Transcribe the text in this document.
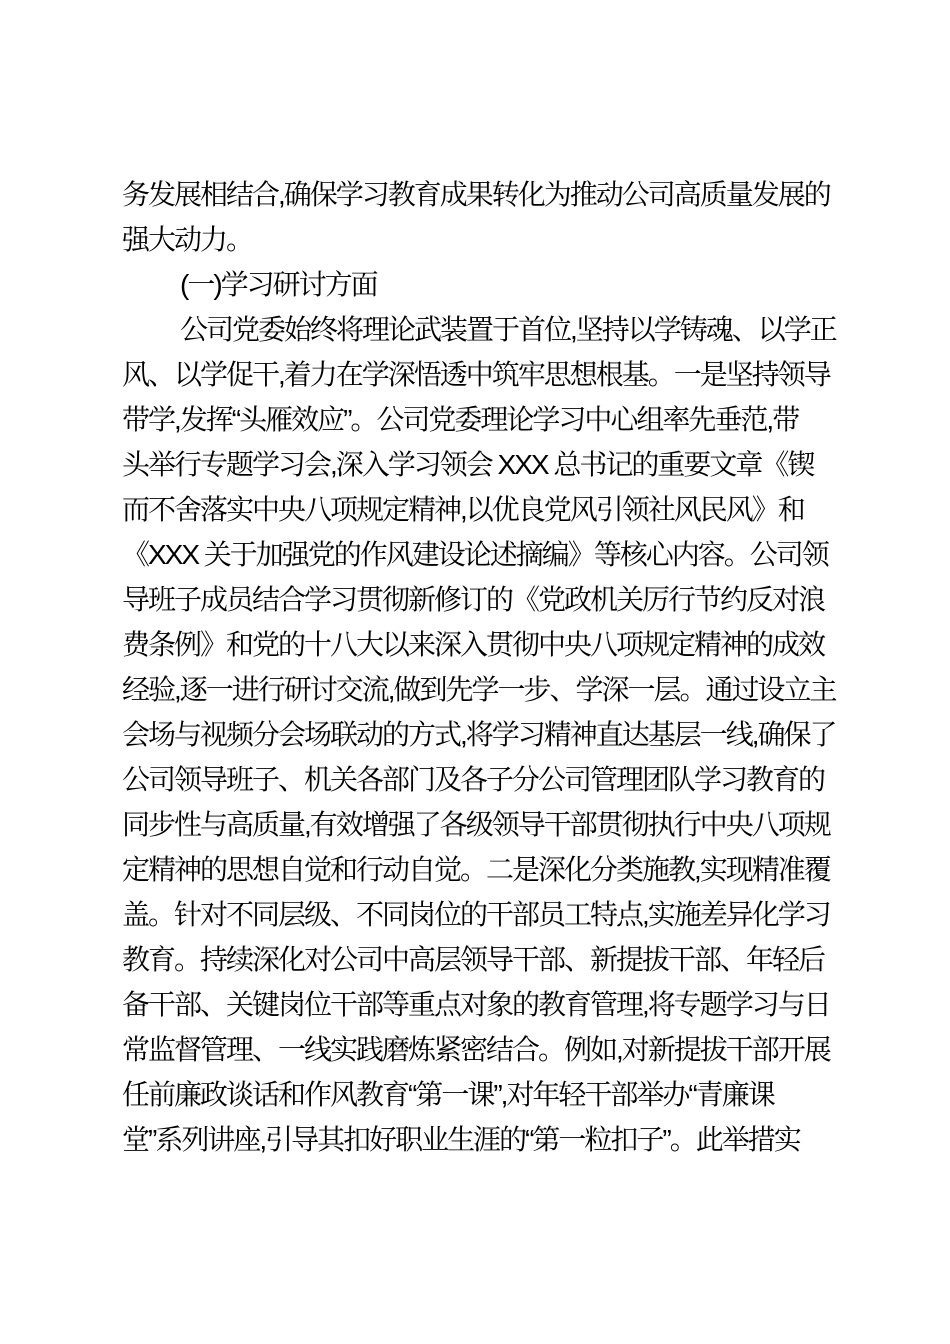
务发展相结合,确保学习教育成果转化为推动公司高质量发展的
强大动力。
(一)学习研讨方面
公司党委始终将理论武装置于首位,坚持以学铸魂、以学正
风、以学促干,着力在学深悟透中筑牢思想根基。一是坚持领导
带学,发挥“头雁效应”。公司党委理论学习中心组率先垂范,带
头举行专题学习会,深入学习领会 XXX 总书记的重要文章《锲
而不舍落实中央八项规定精神,以优良党风引领社风民风》和
《XXX 关于加强党的作风建设论述摘编》等核心内容。公司领
导班子成员结合学习贯彻新修订的《党政机关厉行节约反对浪
费条例》和党的十八大以来深入贯彻中央八项规定精神的成效
经验,逐一进行研讨交流,做到先学一步、学深一层。通过设立主
会场与视频分会场联动的方式,将学习精神直达基层一线,确保了
公司领导班子、机关各部门及各子分公司管理团队学习教育的
同步性与高质量,有效增强了各级领导干部贯彻执行中央八项规
定精神的思想自觉和行动自觉。二是深化分类施教,实现精准覆
盖。针对不同层级、不同岗位的干部员工特点,实施差异化学习
教育。持续深化对公司中高层领导干部、新提拔干部、年轻后
备干部、关键岗位干部等重点对象的教育管理,将专题学习与日
常监督管理、一线实践磨炼紧密结合。例如,对新提拔干部开展
任前廉政谈话和作风教育“第一课”,对年轻干部举办“青廉课
堂”系列讲座,引导其扣好职业生涯的“第一粒扣子”。此举措实
